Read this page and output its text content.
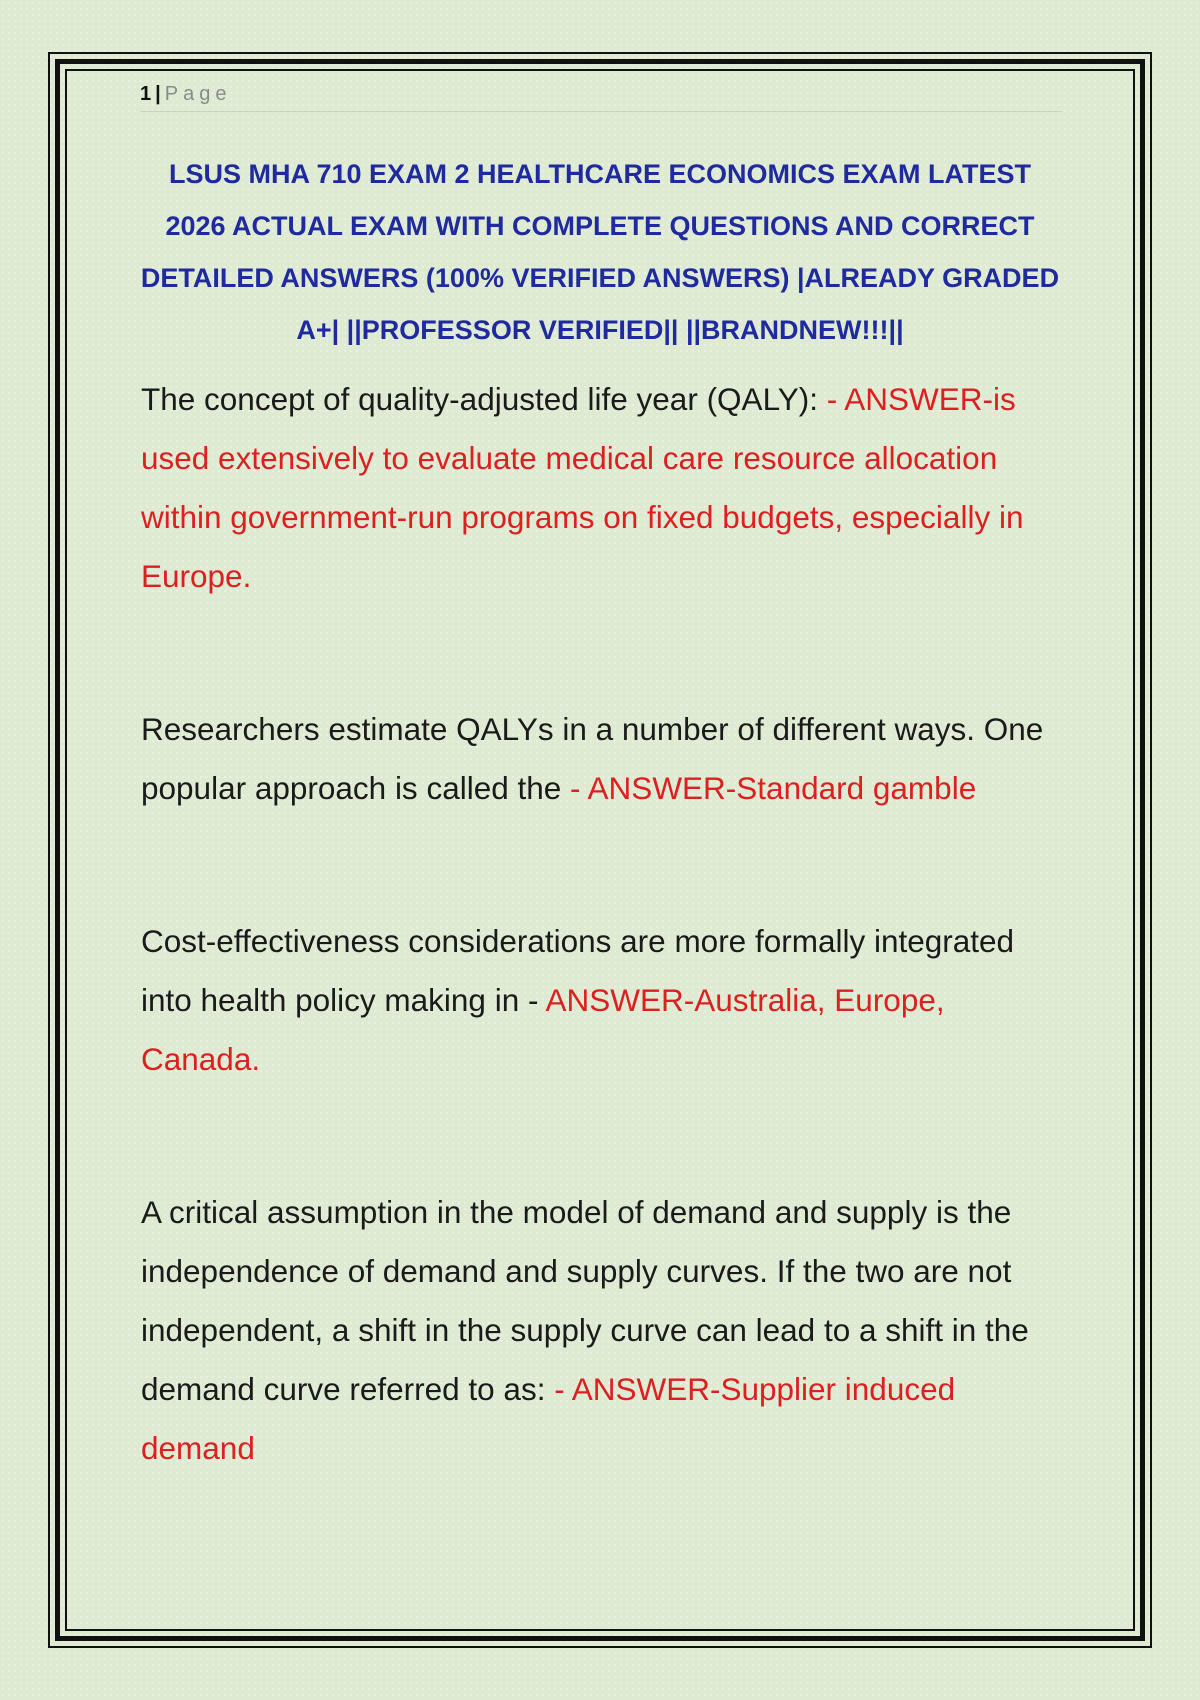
1 | Page
LSUS MHA 710 EXAM 2 HEALTHCARE ECONOMICS EXAM LATEST 2026 ACTUAL EXAM WITH COMPLETE QUESTIONS AND CORRECT DETAILED ANSWERS (100% VERIFIED ANSWERS) |ALREADY GRADED A+| ||PROFESSOR VERIFIED|| ||BRANDNEW!!!||

The concept of quality-adjusted life year (QALY): - ANSWER-is used extensively to evaluate medical care resource allocation within government-run programs on fixed budgets, especially in Europe.

Researchers estimate QALYs in a number of different ways. One popular approach is called the - ANSWER-Standard gamble

Cost-effectiveness considerations are more formally integrated into health policy making in - ANSWER-Australia, Europe, Canada.

A critical assumption in the model of demand and supply is the independence of demand and supply curves. If the two are not independent, a shift in the supply curve can lead to a shift in the demand curve referred to as: - ANSWER-Supplier induced demand
